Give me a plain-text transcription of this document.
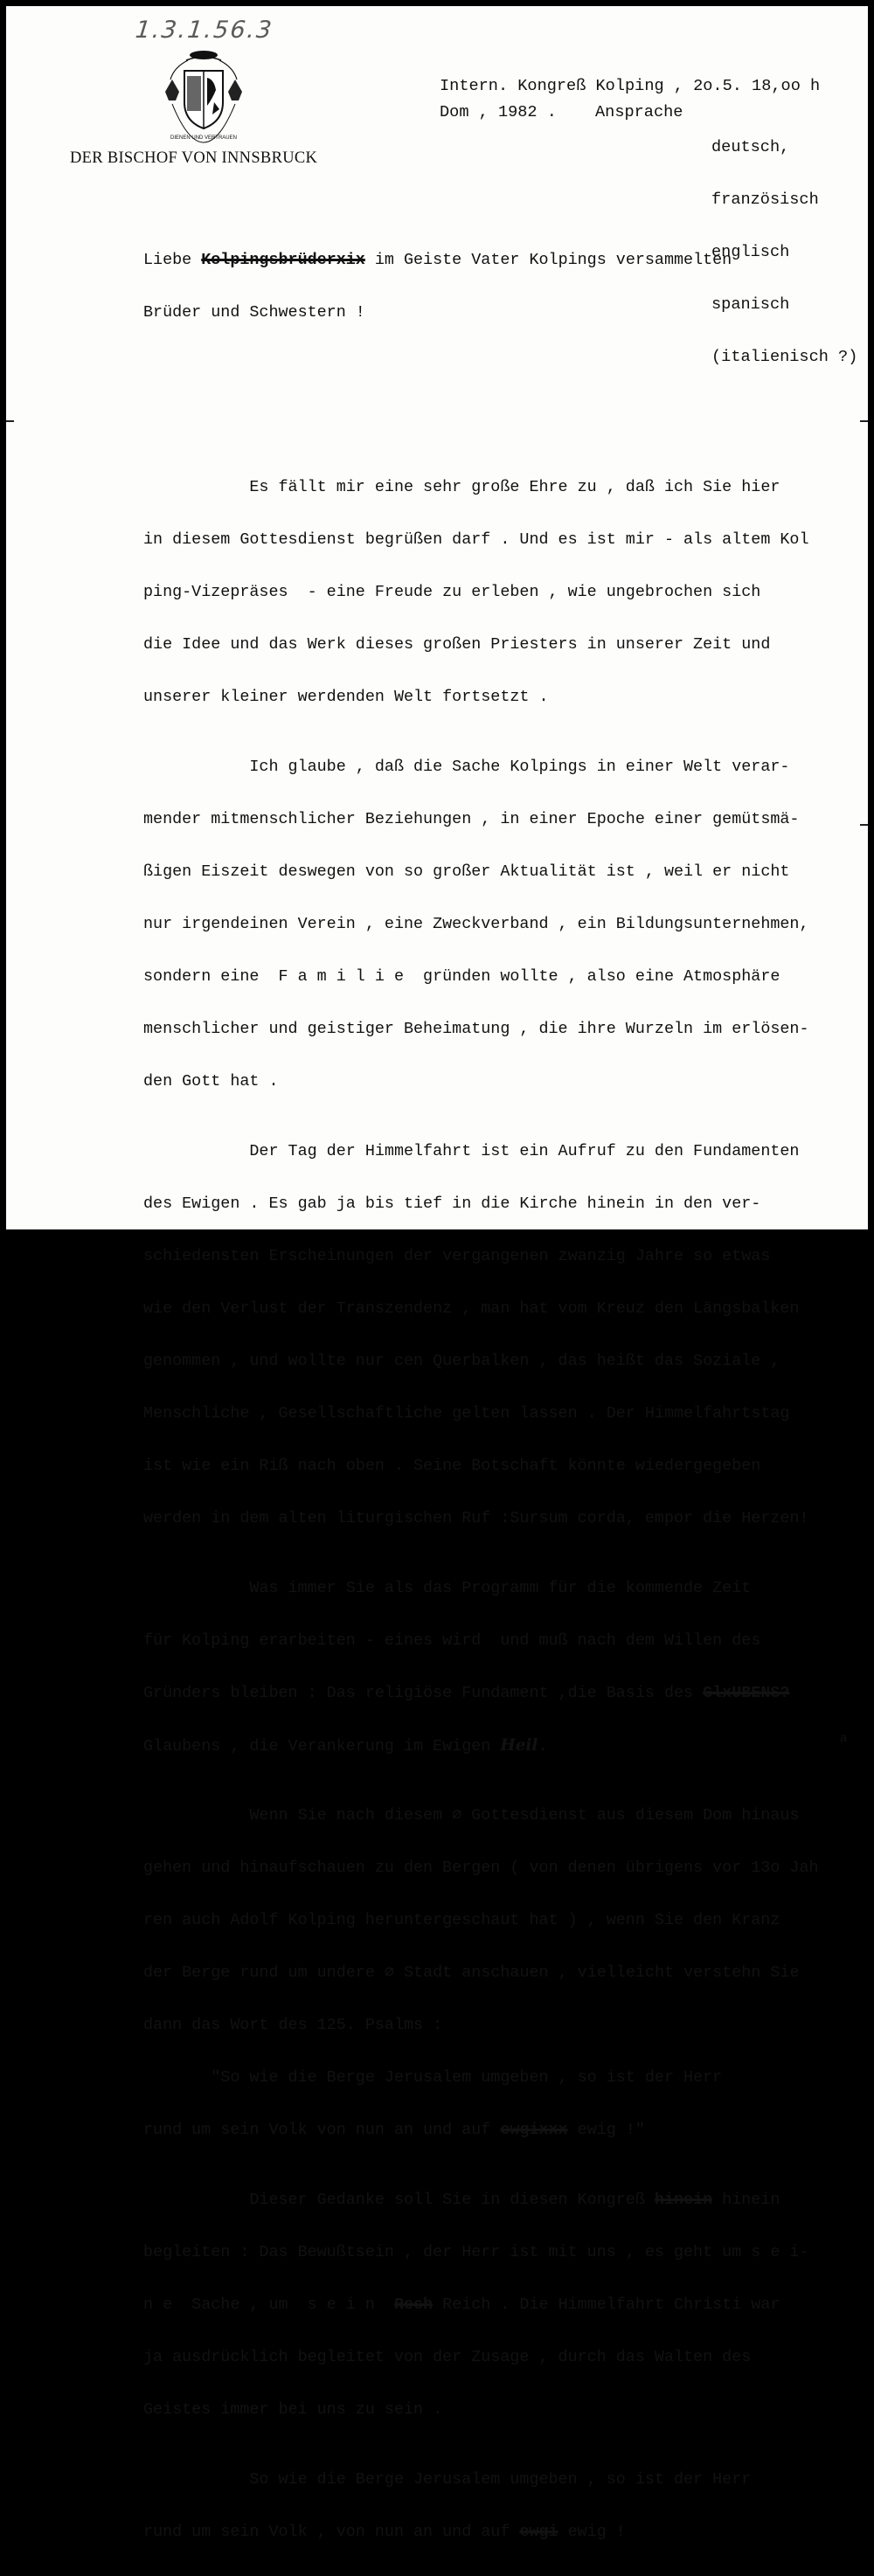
1.3.1.56.3
DIENEN UND VERTRAUEN
DER BISCHOF VON INNSBRUCK
Intern. Kongreß Kolping , 2o.5. 18,oo h
Dom , 1982 . Ansprache

deutsch,

französisch

englisch

spanisch

(italienisch ?)

Liebe Kolpingsbrüderxix im Geiste Vater Kolpings versammelten

Brüder und Schwestern !

Es fällt mir eine sehr große Ehre zu , daß ich Sie hier

in diesem Gottesdienst begrüßen darf . Und es ist mir - als altem Kol

ping-Vizepräses  - eine Freude zu erleben , wie ungebrochen sich

die Idee und das Werk dieses großen Priesters in unserer Zeit und

unserer kleiner werdenden Welt fortsetzt .

Ich glaube , daß die Sache Kolpings in einer Welt verar-

mender mitmenschlicher Beziehungen , in einer Epoche einer gemütsmä-

ßigen Eiszeit deswegen von so großer Aktualität ist , weil er nicht

nur irgendeinen Verein , eine Zweckverband , ein Bildungsunternehmen,

sondern eine  F a m i l i e  gründen wollte , also eine Atmosphäre

menschlicher und geistiger Beheimatung , die ihre Wurzeln im erlösen-

den Gott hat .

Der Tag der Himmelfahrt ist ein Aufruf zu den Fundamenten

des Ewigen . Es gab ja bis tief in die Kirche hinein in den ver-

schiedensten Erscheinungen der vergangenen zwanzig Jahre so etwas

wie den Verlust der Transzendenz , man hat vom Kreuz den Längsbalken

genommen , und wollte nur cen Querbalken , das heißt das Soziale ,

Menschliche , Gesellschaftliche gelten lassen . Der Himmelfahrtstag

ist wie ein Riß nach oben . Seine Botschaft könnte wiedergegeben

werden in dem alten liturgischen Ruf :Sursum corda, empor die Herzen!

Was immer Sie als das Programm für die kommende Zeit

für Kolping erarbeiten - eines wird  und muß nach dem Willen des

Gründers bleiben : Das religiöse Fundament ,die Basis des GlxUBENS?

Glaubens , die Verankerung im Ewigen Heil.	a

Wenn Sie nach diesem ∅ Gottesdienst aus diesem Dom hinaus

gehen und hinaufschauen zu den Bergen ( von denen übrigens vor 13o Jah

ren auch Adolf Kolping heruntergeschaut hat ) , wenn Sie den Kranz

der Berge rund um undere ∅ Stadt anschauen , vielleicht verstehn Sie

dann das Wort des 125. Psalms :

"So wie die Berge Jerusalem umgeben , so ist der Herr

rund um sein Volk von nun an und auf ewgixxx ewig !"

Dieser Gedanke soll Sie in diesen Kongreß hinein hinein

begleiten : Das Bewußtsein , der Herr ist mit uns , es geht um s e i-

n e  Sache , um  s e i n  Rech Reich . Die Himmelfahrt Christi war

ja ausdrücklich begleitet von der Zusage , durch das Walten des

Geistes immer bei uns zu sein .

So wie die Berge Jerusalem umgeben , so ist der Herr

rund um sein Volk , von nun an und auf ewgi ewig !
